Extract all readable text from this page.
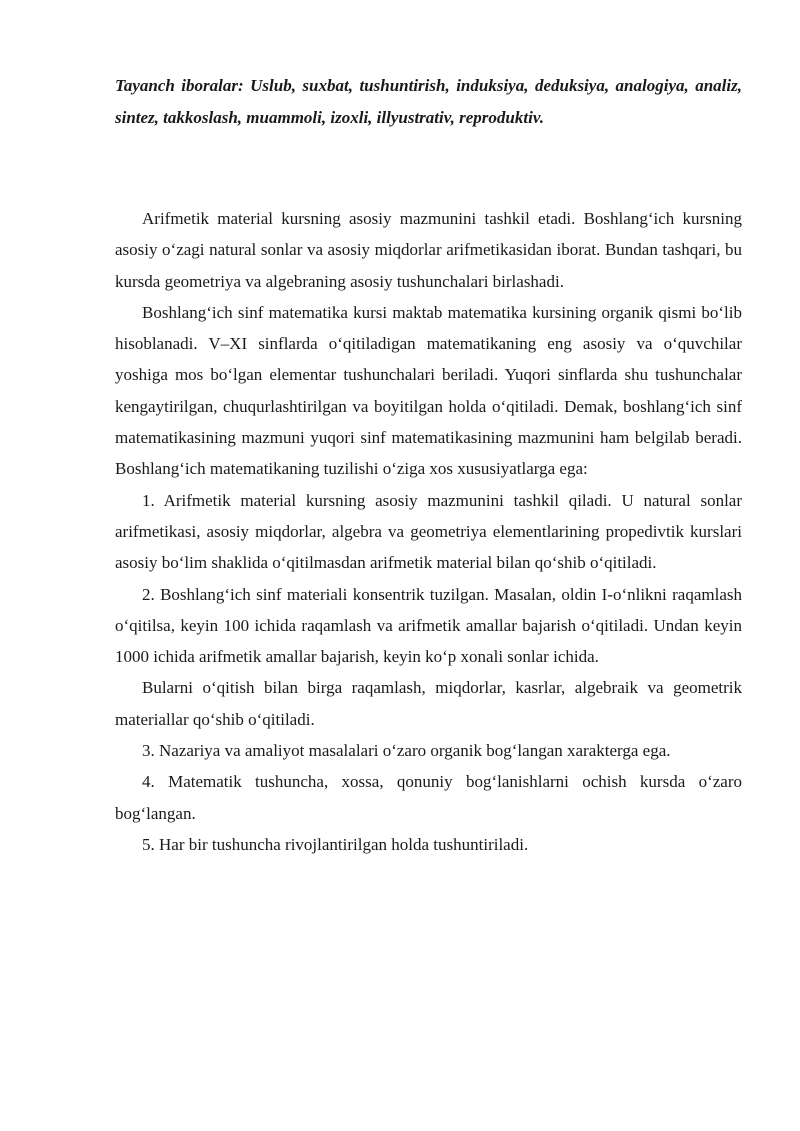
Tayanch iboralar: Uslub, suxbat, tushuntirish, induksiya, deduksiya, analogiya, analiz, sintez, takkoslash, muammoli, izoxli, illyustrativ, reproduktiv.

Arifmetik material kursning asosiy mazmunini tashkil etadi. Boshlang‘ich kursning asosiy o‘zagi natural sonlar va asosiy miqdorlar arifmetikasidan iborat. Bundan tashqari, bu kursda geometriya va algebraning asosiy tushunchalari birlashadi.

Boshlang‘ich sinf matematika kursi maktab matematika kursining organik qismi bo‘lib hisoblanadi. V–XI sinflarda o‘qitiladigan matematikaning eng asosiy va o‘quvchilar yoshiga mos bo‘lgan elementar tushunchalari beriladi. Yuqori sinflarda shu tushunchalar kengaytirilgan, chuqurlashtirilgan va boyitilgan holda o‘qitiladi. Demak, boshlang‘ich sinf matematikasining mazmuni yuqori sinf matematikasining mazmunini ham belgilab beradi. Boshlang‘ich matematikaning tuzilishi o‘ziga xos xususiyatlarga ega:

1. Arifmetik material kursning asosiy mazmunini tashkil qiladi. U natural sonlar arifmetikasi, asosiy miqdorlar, algebra va geometriya elementlarining propedivtik kurslari asosiy bo‘lim shaklida o‘qitilmasdan arifmetik material bilan qo‘shib o‘qitiladi.

2. Boshlang‘ich sinf materiali konsentrik tuzilgan. Masalan, oldin I-o‘nlikni raqamlash o‘qitilsa, keyin 100 ichida raqamlash va arifmetik amallar bajarish o‘qitiladi. Undan keyin 1000 ichida arifmetik amallar bajarish, keyin ko‘p xonali sonlar ichida.

Bularni o‘qitish bilan birga raqamlash, miqdorlar, kasrlar, algebraik va geometrik materiallar qo‘shib o‘qitiladi.

3. Nazariya va amaliyot masalalari o‘zaro organik bog‘langan xarakterga ega.

4. Matematik tushuncha, xossa, qonuniy bog‘lanishlarni ochish kursda o‘zaro bog‘langan.

5. Har bir tushuncha rivojlantirilgan holda tushuntiriladi.
